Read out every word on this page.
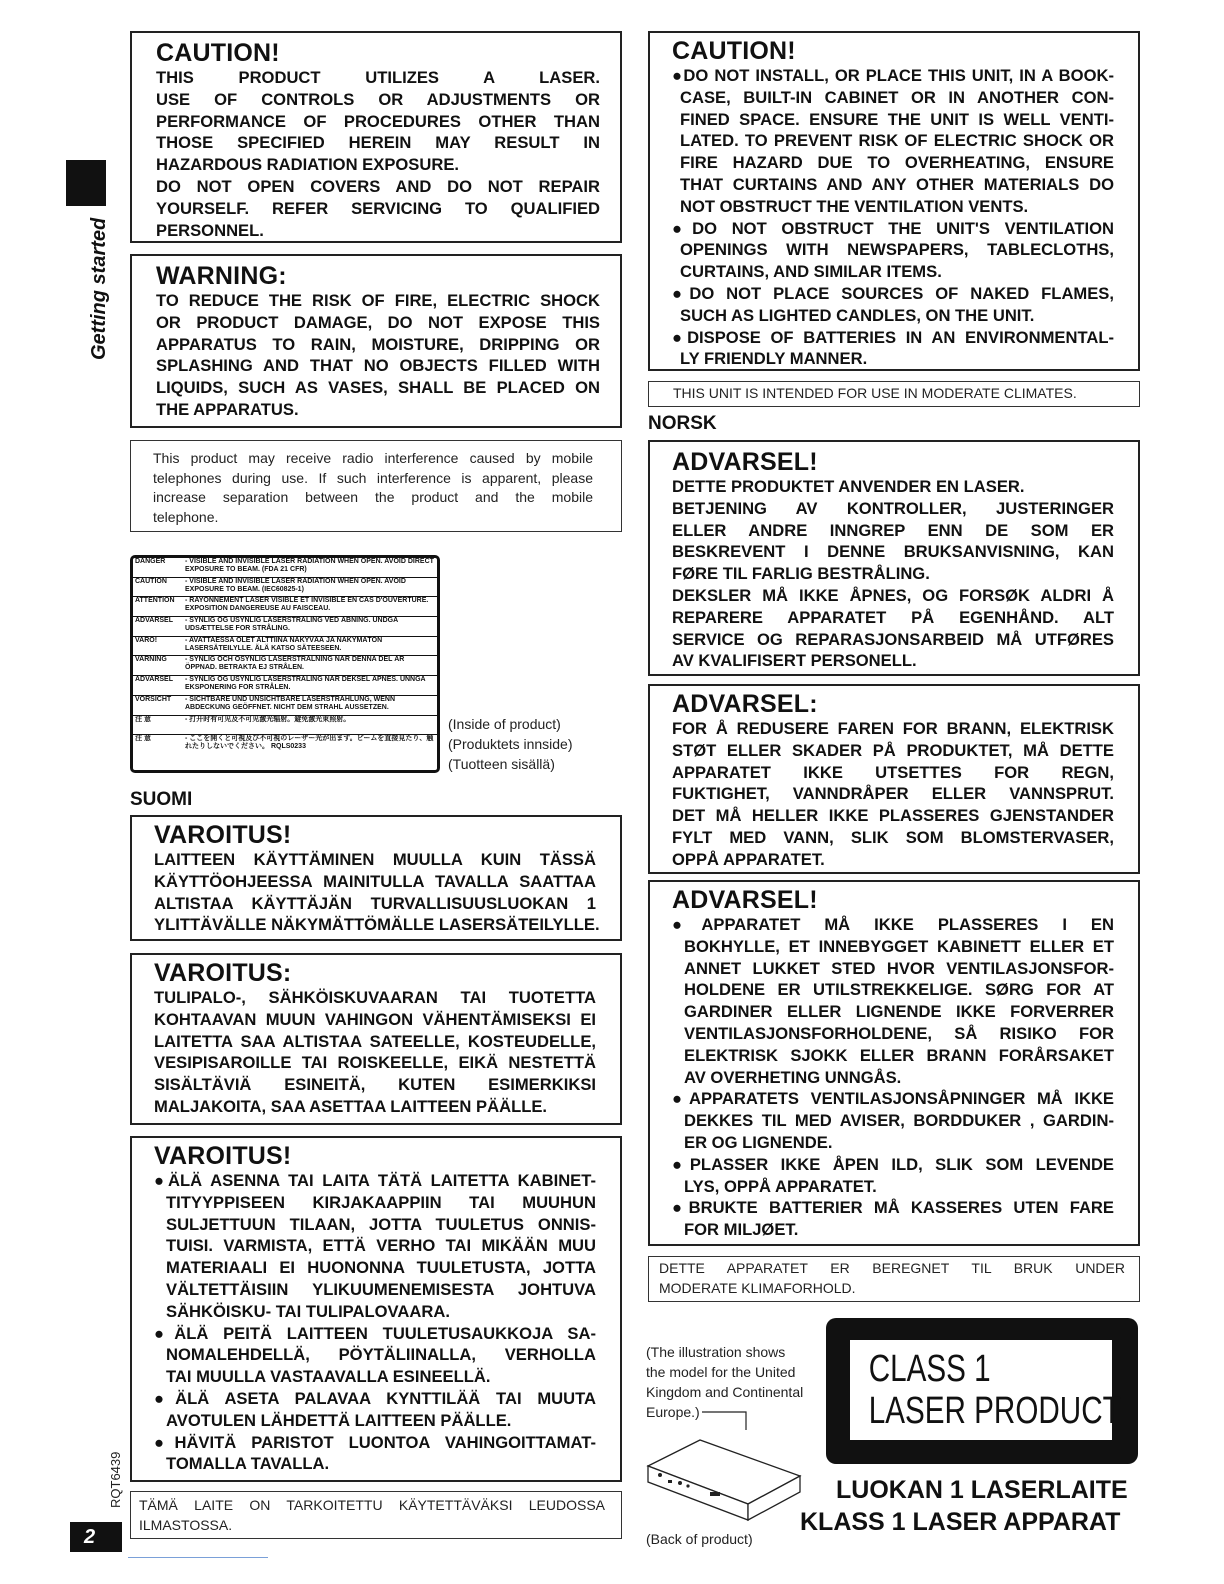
Getting started
RQT6439
2
CAUTION!
THIS PRODUCT UTILIZES A LASER.
USE OF CONTROLS OR ADJUSTMENTS OR
PERFORMANCE OF PROCEDURES OTHER THAN
THOSE SPECIFIED HEREIN MAY RESULT IN
HAZARDOUS RADIATION EXPOSURE.
DO NOT OPEN COVERS AND DO NOT REPAIR
YOURSELF. REFER SERVICING TO QUALIFIED
PERSONNEL.
WARNING:
TO REDUCE THE RISK OF FIRE, ELECTRIC SHOCK
OR PRODUCT DAMAGE, DO NOT EXPOSE THIS
APPARATUS TO RAIN, MOISTURE, DRIPPING OR
SPLASHING AND THAT NO OBJECTS FILLED WITH
LIQUIDS, SUCH AS VASES, SHALL BE PLACED ON
THE APPARATUS.
This product may receive radio interference caused by mobile
telephones during use. If such interference is apparent, please
increase separation between the product and the mobile
telephone.
DANGER	- VISIBLE AND INVISIBLE LASER RADIATION WHEN OPEN. AVOID DIRECT EXPOSURE TO BEAM. (FDA 21 CFR)
CAUTION	- VISIBLE AND INVISIBLE LASER RADIATION WHEN OPEN. AVOID EXPOSURE TO BEAM. (IEC60825-1)
ATTENTION	- RAYONNEMENT LASER VISIBLE ET INVISIBLE EN CAS D'OUVERTURE. EXPOSITION DANGEREUSE AU FAISCEAU.
ADVARSEL	- SYNLIG OG USYNLIG LASERSTRÅLING VED ÅBNING. UNDGÅ UDSÆTTELSE FOR STRÅLING.
VARO!	- AVATTAESSA OLET ALTTIINA NÄKYVÄÄ JA NÄKYMÄTÖN LASERSÄTEILYLLE. ÄLÄ KATSO SÄTEESEEN.
VARNING	- SYNLIG OCH OSYNLIG LASERSTRÅLNING NÄR DENNA DEL ÄR ÖPPNAD. BETRAKTA EJ STRÅLEN.
ADVARSEL	- SYNLIG OG USYNLIG LASERSTRÅLING NÅR DEKSEL ÅPNES. UNNGÅ EKSPONERING FOR STRÅLEN.
VORSICHT	- SICHTBARE UND UNSICHTBARE LASERSTRAHLUNG, WENN ABDECKUNG GEÖFFNET. NICHT DEM STRAHL AUSSETZEN.
注 意	- 打开时有可见及不可见激光辐射。避免激光束照射。
注 意	- ここを開くと可視及び不可視のレーザー光が出ます。ビームを直接見たり、触れたりしないでください。 RQLS0233
(Inside of product)
(Produktets innside)
(Tuotteen sisällä)
SUOMI
VAROITUS!
LAITTEEN KÄYTTÄMINEN MUULLA KUIN TÄSSÄ
KÄYTTÖOHJEESSA MAINITULLA TAVALLA SAATTAA
ALTISTAA KÄYTTÄJÄN TURVALLISUUSLUOKAN 1
YLITTÄVÄLLE NÄKYMÄTTÖMÄLLE LASERSÄTEILYLLE.
VAROITUS:
TULIPALO-, SÄHKÖISKUVAARAN TAI TUOTETTA
KOHTAAVAN MUUN VAHINGON VÄHENTÄMISEKSI EI
LAITETTA SAA ALTISTAA SATEELLE, KOSTEUDELLE,
VESIPISAROILLE TAI ROISKEELLE, EIKÄ NESTETTÄ
SISÄLTÄVIÄ ESINEITÄ, KUTEN ESIMERKIKSI
MALJAKOITA, SAA ASETTAA LAITTEEN PÄÄLLE.
VAROITUS!
●ÄLÄ ASENNA TAI LAITA TÄTÄ LAITETTA KABINET-
TITYYPPISEEN KIRJAKAAPPIIN TAI MUUHUN
SULJETTUUN TILAAN, JOTTA TUULETUS ONNIS-
TUISI. VARMISTA, ETTÄ VERHO TAI MIKÄÄN MUU
MATERIAALI EI HUONONNA TUULETUSTA, JOTTA
VÄLTETTÄISIIN YLIKUUMENEMISESTA JOHTUVA
SÄHKÖISKU- TAI TULIPALOVAARA.
●ÄLÄ PEITÄ LAITTEEN TUULETUSAUKKOJA SA-
NOMALEHDELLÄ, PÖYTÄLIINALLA, VERHOLLA
TAI MUULLA VASTAAVALLA ESINEELLÄ.
●ÄLÄ ASETA PALAVAA KYNTTILÄÄ TAI MUUTA
AVOTULEN LÄHDETTÄ LAITTEEN PÄÄLLE.
●HÄVITÄ PARISTOT LUONTOA VAHINGOITTAMAT-
TOMALLA TAVALLA.
TÄMÄ LAITE ON TARKOITETTU KÄYTETTÄVÄKSI LEUDOSSA
ILMASTOSSA.
CAUTION!
●DO NOT INSTALL, OR PLACE THIS UNIT, IN A BOOK-
CASE, BUILT-IN CABINET OR IN ANOTHER CON-
FINED SPACE. ENSURE THE UNIT IS WELL VENTI-
LATED. TO PREVENT RISK OF ELECTRIC SHOCK OR
FIRE HAZARD DUE TO OVERHEATING, ENSURE
THAT CURTAINS AND ANY OTHER MATERIALS DO
NOT OBSTRUCT THE VENTILATION VENTS.
●DO NOT OBSTRUCT THE UNIT'S VENTILATION
OPENINGS WITH NEWSPAPERS, TABLECLOTHS,
CURTAINS, AND SIMILAR ITEMS.
●DO NOT PLACE SOURCES OF NAKED FLAMES,
SUCH AS LIGHTED CANDLES, ON THE UNIT.
●DISPOSE OF BATTERIES IN AN ENVIRONMENTAL-
LY FRIENDLY MANNER.
THIS UNIT IS INTENDED FOR USE IN MODERATE CLIMATES.
NORSK
ADVARSEL!
DETTE PRODUKTET ANVENDER EN LASER.
BETJENING AV KONTROLLER, JUSTERINGER
ELLER ANDRE INNGREP ENN DE SOM ER
BESKREVENT I DENNE BRUKSANVISNING, KAN
FØRE TIL FARLIG BESTRÅLING.
DEKSLER MÅ IKKE ÅPNES, OG FORSØK ALDRI Å
REPARERE APPARATET PÅ EGENHÅND. ALT
SERVICE OG REPARASJONSARBEID MÅ UTFØRES
AV KVALIFISERT PERSONELL.
ADVARSEL:
FOR Å REDUSERE FAREN FOR BRANN, ELEKTRISK
STØT ELLER SKADER PÅ PRODUKTET, MÅ DETTE
APPARATET IKKE UTSETTES FOR REGN,
FUKTIGHET, VANNDRÅPER ELLER VANNSPRUT.
DET MÅ HELLER IKKE PLASSERES GJENSTANDER
FYLT MED VANN, SLIK SOM BLOMSTERVASER,
OPPÅ APPARATET.
ADVARSEL!
●APPARATET MÅ IKKE PLASSERES I EN
BOKHYLLE, ET INNEBYGGET KABINETT ELLER ET
ANNET LUKKET STED HVOR VENTILASJONSFOR-
HOLDENE ER UTILSTREKKELIGE. SØRG FOR AT
GARDINER ELLER LIGNENDE IKKE FORVERRER
VENTILASJONSFORHOLDENE, SÅ RISIKO FOR
ELEKTRISK SJOKK ELLER BRANN FORÅRSAKET
AV OVERHETING UNNGÅS.
●APPARATETS VENTILASJONSÅPNINGER MÅ IKKE
DEKKES TIL MED AVISER, BORDDUKER , GARDIN-
ER OG LIGNENDE.
●PLASSER IKKE ÅPEN ILD, SLIK SOM LEVENDE
LYS, OPPÅ APPARATET.
●BRUKTE BATTERIER MÅ KASSERES UTEN FARE
FOR MILJØET.
DETTE APPARATET ER BEREGNET TIL BRUK UNDER
MODERATE KLIMAFORHOLD.
(The illustration shows
the model for the United
Kingdom and Continental
Europe.)
CLASS 1
LASER PRODUCT
(Back of product)
LUOKAN 1 LASERLAITE
KLASS 1 LASER APPARAT
